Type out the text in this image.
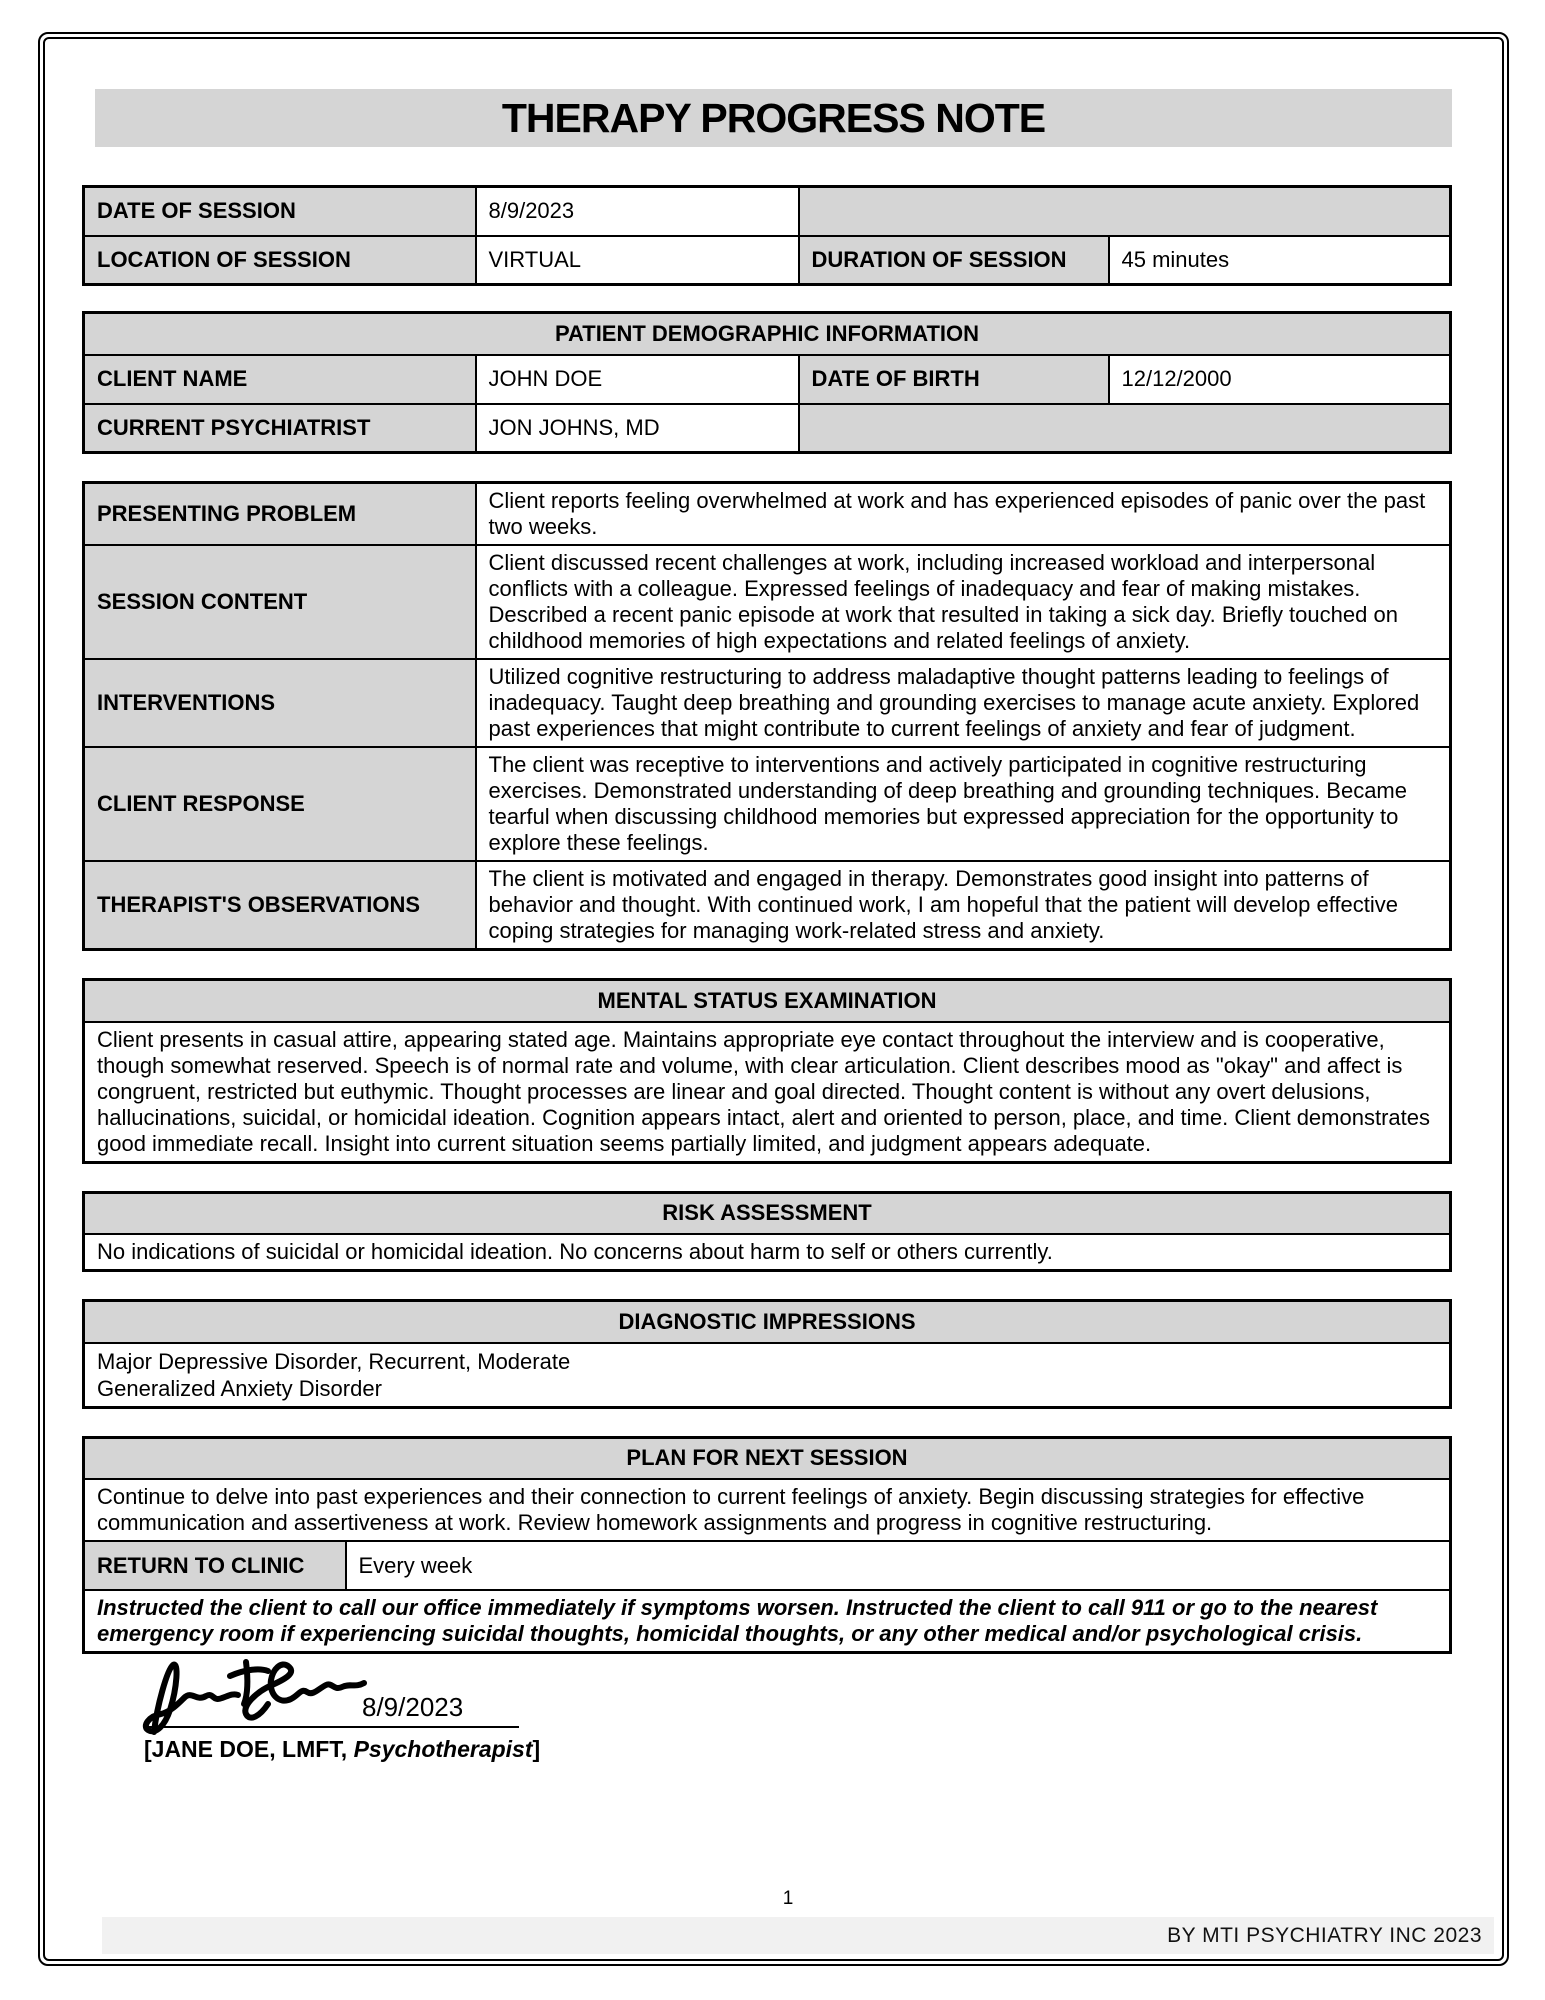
THERAPY PROGRESS NOTE
DATE OF SESSION	8/9/2023		
LOCATION OF SESSION	VIRTUAL	DURATION OF SESSION	45 minutes
PATIENT DEMOGRAPHIC INFORMATION			
CLIENT NAME	JOHN DOE	DATE OF BIRTH	12/12/2000
CURRENT PSYCHIATRIST	JON JOHNS, MD		
PRESENTING PROBLEM	Client reports feeling overwhelmed at work and has experienced episodes of panic over the past two weeks.
SESSION CONTENT	Client discussed recent challenges at work, including increased workload and interpersonal conflicts with a colleague. Expressed feelings of inadequacy and fear of making mistakes. Described a recent panic episode at work that resulted in taking a sick day. Briefly touched on childhood memories of high expectations and related feelings of anxiety.
INTERVENTIONS	Utilized cognitive restructuring to address maladaptive thought patterns leading to feelings of inadequacy. Taught deep breathing and grounding exercises to manage acute anxiety. Explored past experiences that might contribute to current feelings of anxiety and fear of judgment.
CLIENT RESPONSE	The client was receptive to interventions and actively participated in cognitive restructuring exercises. Demonstrated understanding of deep breathing and grounding techniques. Became tearful when discussing childhood memories but expressed appreciation for the opportunity to explore these feelings.
THERAPIST'S OBSERVATIONS	The client is motivated and engaged in therapy. Demonstrates good insight into patterns of behavior and thought. With continued work, I am hopeful that the patient will develop effective coping strategies for managing work-related stress and anxiety.
MENTAL STATUS EXAMINATION
Client presents in casual attire, appearing stated age. Maintains appropriate eye contact throughout the interview and is cooperative, though somewhat reserved. Speech is of normal rate and volume, with clear articulation. Client describes mood as "okay" and affect is congruent, restricted but euthymic. Thought processes are linear and goal directed. Thought content is without any overt delusions, hallucinations, suicidal, or homicidal ideation. Cognition appears intact, alert and oriented to person, place, and time. Client demonstrates good immediate recall. Insight into current situation seems partially limited, and judgment appears adequate.
RISK ASSESSMENT
No indications of suicidal or homicidal ideation. No concerns about harm to self or others currently.
DIAGNOSTIC IMPRESSIONS

Major Depressive Disorder, Recurrent, Moderate
Generalized Anxiety Disorder
PLAN FOR NEXT SESSION
Continue to delve into past experiences and their connection to current feelings of anxiety. Begin discussing strategies for effective communication and assertiveness at work. Review homework assignments and progress in cognitive restructuring.
RETURN TO CLINIC	Every week
Instructed the client to call our office immediately if symptoms worsen. Instructed the client to call 911 or go to the nearest emergency room if experiencing suicidal thoughts, homicidal thoughts, or any other medical and/or psychological crisis.
8/9/2023
[JANE DOE, LMFT, Psychotherapist]
1
BY MTI PSYCHIATRY INC 2023
